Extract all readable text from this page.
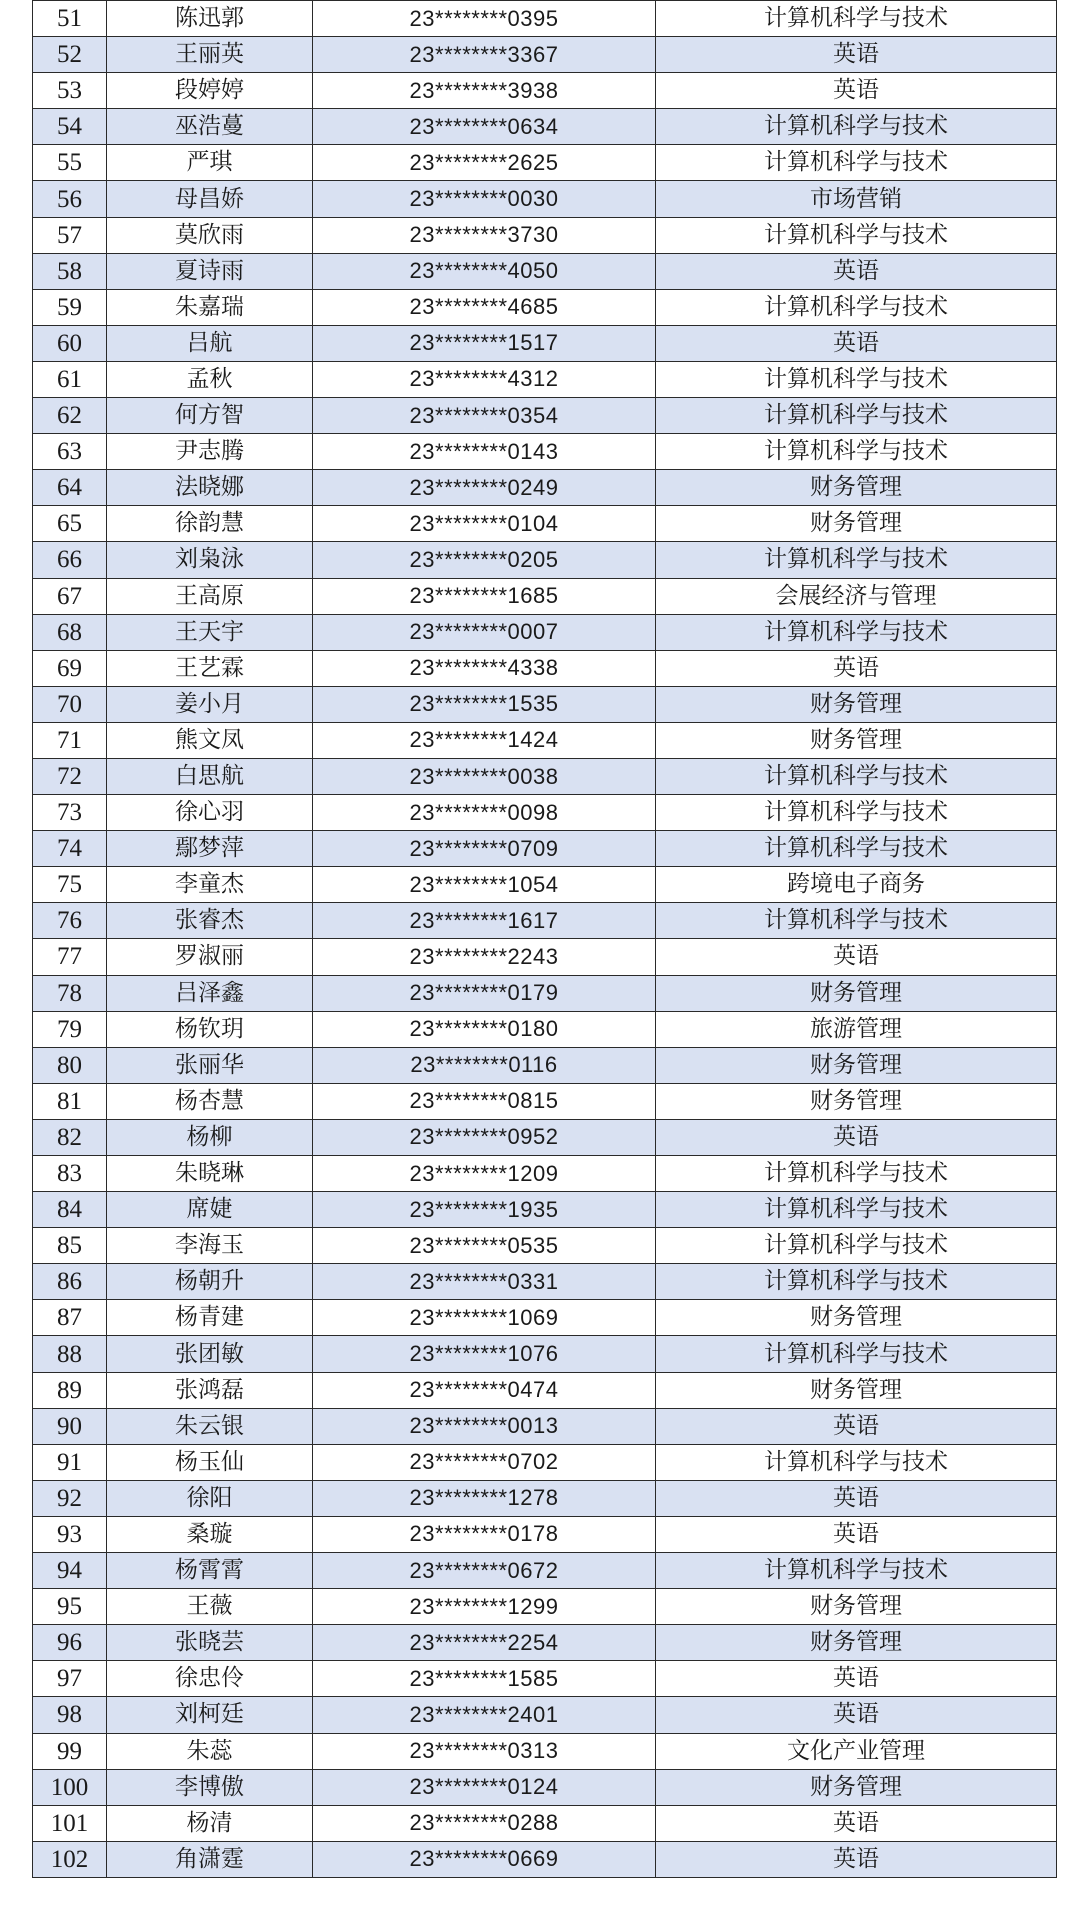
51	陈迅郭	23********0395	计算机科学与技术
52	王丽英	23********3367	英语
53	段婷婷	23********3938	英语
54	巫浩蔓	23********0634	计算机科学与技术
55	严琪	23********2625	计算机科学与技术
56	母昌娇	23********0030	市场营销
57	莫欣雨	23********3730	计算机科学与技术
58	夏诗雨	23********4050	英语
59	朱嘉瑞	23********4685	计算机科学与技术
60	吕航	23********1517	英语
61	孟秋	23********4312	计算机科学与技术
62	何方智	23********0354	计算机科学与技术
63	尹志腾	23********0143	计算机科学与技术
64	法晓娜	23********0249	财务管理
65	徐韵慧	23********0104	财务管理
66	刘枭泳	23********0205	计算机科学与技术
67	王高原	23********1685	会展经济与管理
68	王天宇	23********0007	计算机科学与技术
69	王艺霖	23********4338	英语
70	姜小月	23********1535	财务管理
71	熊文凤	23********1424	财务管理
72	白思航	23********0038	计算机科学与技术
73	徐心羽	23********0098	计算机科学与技术
74	鄢梦萍	23********0709	计算机科学与技术
75	李童杰	23********1054	跨境电子商务
76	张睿杰	23********1617	计算机科学与技术
77	罗淑丽	23********2243	英语
78	吕泽鑫	23********0179	财务管理
79	杨钦玥	23********0180	旅游管理
80	张丽华	23********0116	财务管理
81	杨杏慧	23********0815	财务管理
82	杨柳	23********0952	英语
83	朱晓琳	23********1209	计算机科学与技术
84	席婕	23********1935	计算机科学与技术
85	李海玉	23********0535	计算机科学与技术
86	杨朝升	23********0331	计算机科学与技术
87	杨青建	23********1069	财务管理
88	张团敏	23********1076	计算机科学与技术
89	张鸿磊	23********0474	财务管理
90	朱云银	23********0013	英语
91	杨玉仙	23********0702	计算机科学与技术
92	徐阳	23********1278	英语
93	桑璇	23********0178	英语
94	杨霄霄	23********0672	计算机科学与技术
95	王薇	23********1299	财务管理
96	张晓芸	23********2254	财务管理
97	徐忠伶	23********1585	英语
98	刘柯廷	23********2401	英语
99	朱蕊	23********0313	文化产业管理
100	李博傲	23********0124	财务管理
101	杨清	23********0288	英语
102	角潇霆	23********0669	英语
